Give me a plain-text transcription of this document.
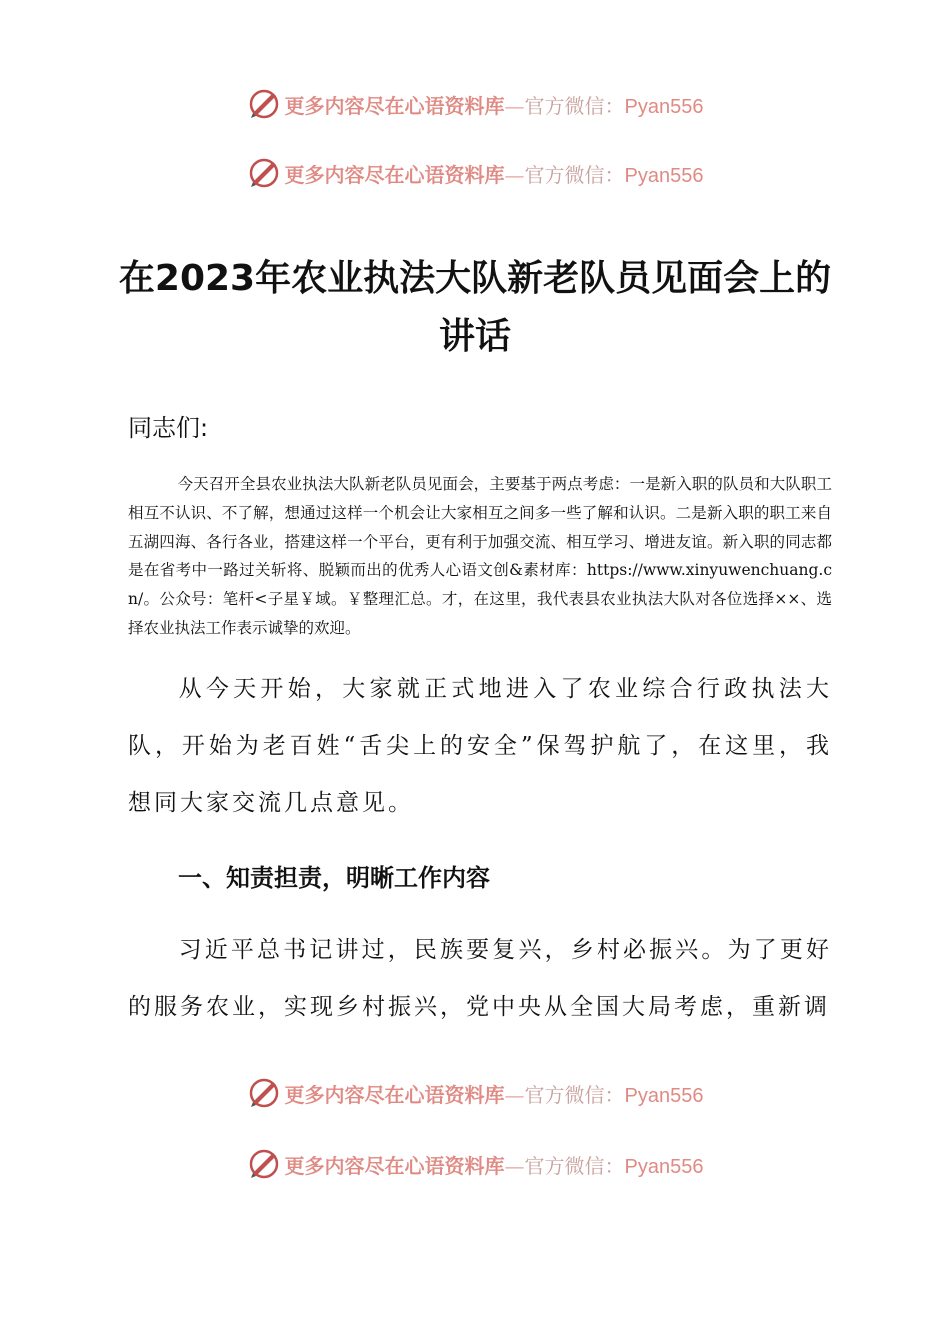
更多内容尽在心语资料库—官方微信：Pyan556
更多内容尽在心语资料库—官方微信：Pyan556
在2023年农业执法大队新老队员见面会上的讲话

同志们:

今天召开全县农业执法大队新老队员见面会，主要基于两点考虑：一是新入职的队员和大队职工相互不认识、不了解，想通过这样一个机会让大家相互之间多一些了解和认识。二是新入职的职工来自五湖四海、各行各业，搭建这样一个平台，更有利于加强交流、相互学习、增进友谊。新入职的同志都是在省考中一路过关斩将、脱颖而出的优秀人心语文创&素材库：https://www.xinyuwenchuang.cn/。公众号：笔杆<子星￥域。￥整理汇总。才，在这里，我代表县农业执法大队对各位选择××、选择农业执法工作表示诚挚的欢迎。

从今天开始，大家就正式地进入了农业综合行政执法大队，开始为老百姓“舌尖上的安全”保驾护航了，在这里，我想同大家交流几点意见。

一、知责担责，明晰工作内容

习近平总书记讲过，民族要复兴，乡村必振兴。为了更好的服务农业，实现乡村振兴，党中央从全国大局考虑，重新调

更多内容尽在心语资料库—官方微信：Pyan556
更多内容尽在心语资料库—官方微信：Pyan556
